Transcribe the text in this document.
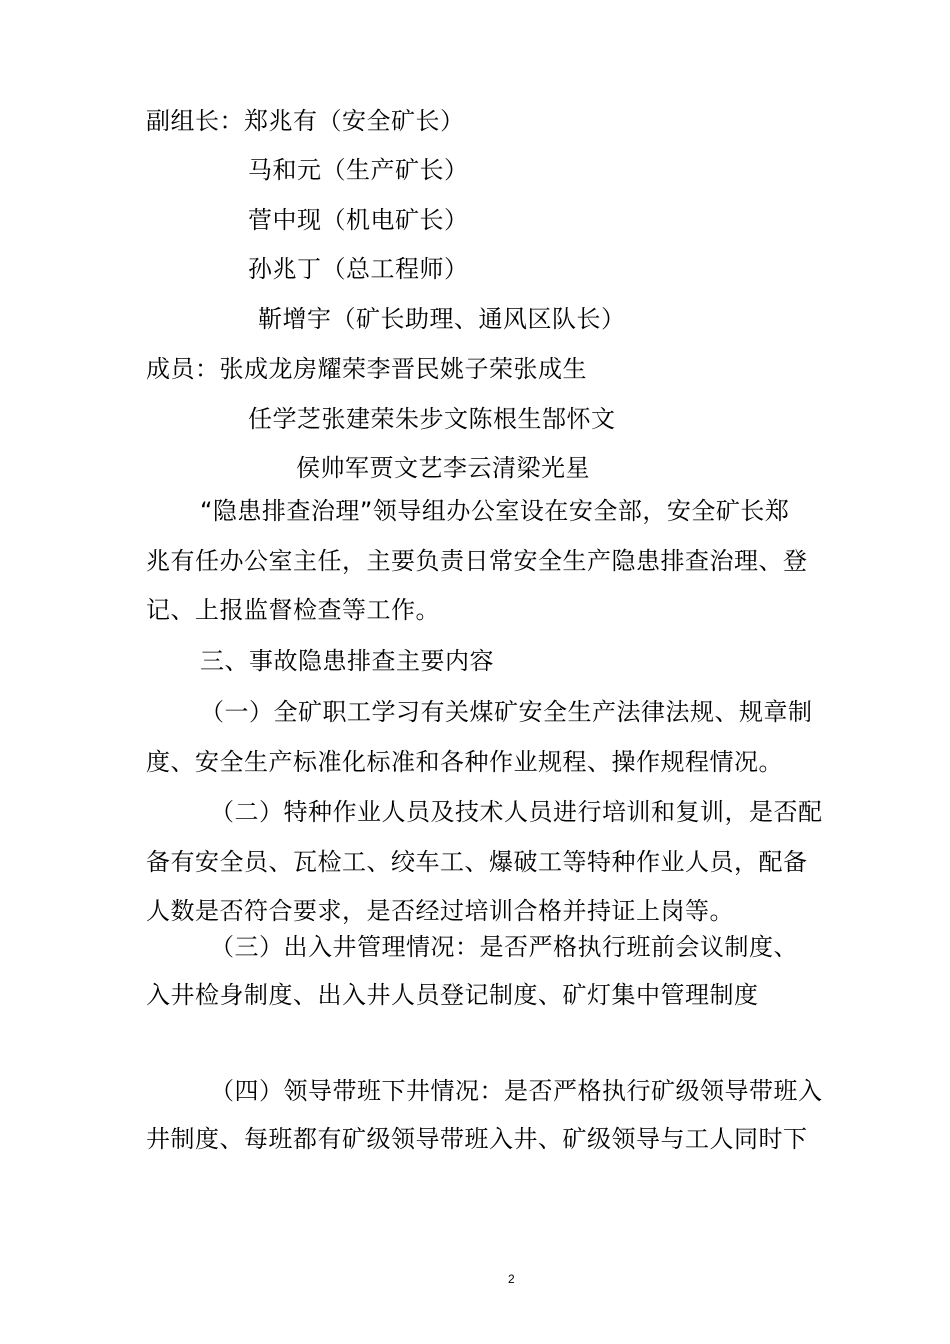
副组长：郑兆有（安全矿长）
马和元（生产矿长）
菅中现（机电矿长）
孙兆丁（总工程师）
靳增宇（矿长助理、通风区队长）
成员：张成龙房耀荣李晋民姚子荣张成生
任学芝张建荣朱步文陈根生郜怀文
侯帅军贾文艺李云清梁光星
“隐患排查治理”领导组办公室设在安全部，安全矿长郑
兆有任办公室主任，主要负责日常安全生产隐患排查治理、登
记、上报监督检查等工作。
三、事故隐患排查主要内容
（一）全矿职工学习有关煤矿安全生产法律法规、规章制
度、安全生产标准化标准和各种作业规程、操作规程情况。
（二）特种作业人员及技术人员进行培训和复训，是否配
备有安全员、瓦检工、绞车工、爆破工等特种作业人员，配备
人数是否符合要求，是否经过培训合格并持证上岗等。
（三）出入井管理情况：是否严格执行班前会议制度、
入井检身制度、出入井人员登记制度、矿灯集中管理制度
（四）领导带班下井情况：是否严格执行矿级领导带班入
井制度、每班都有矿级领导带班入井、矿级领导与工人同时下
2
